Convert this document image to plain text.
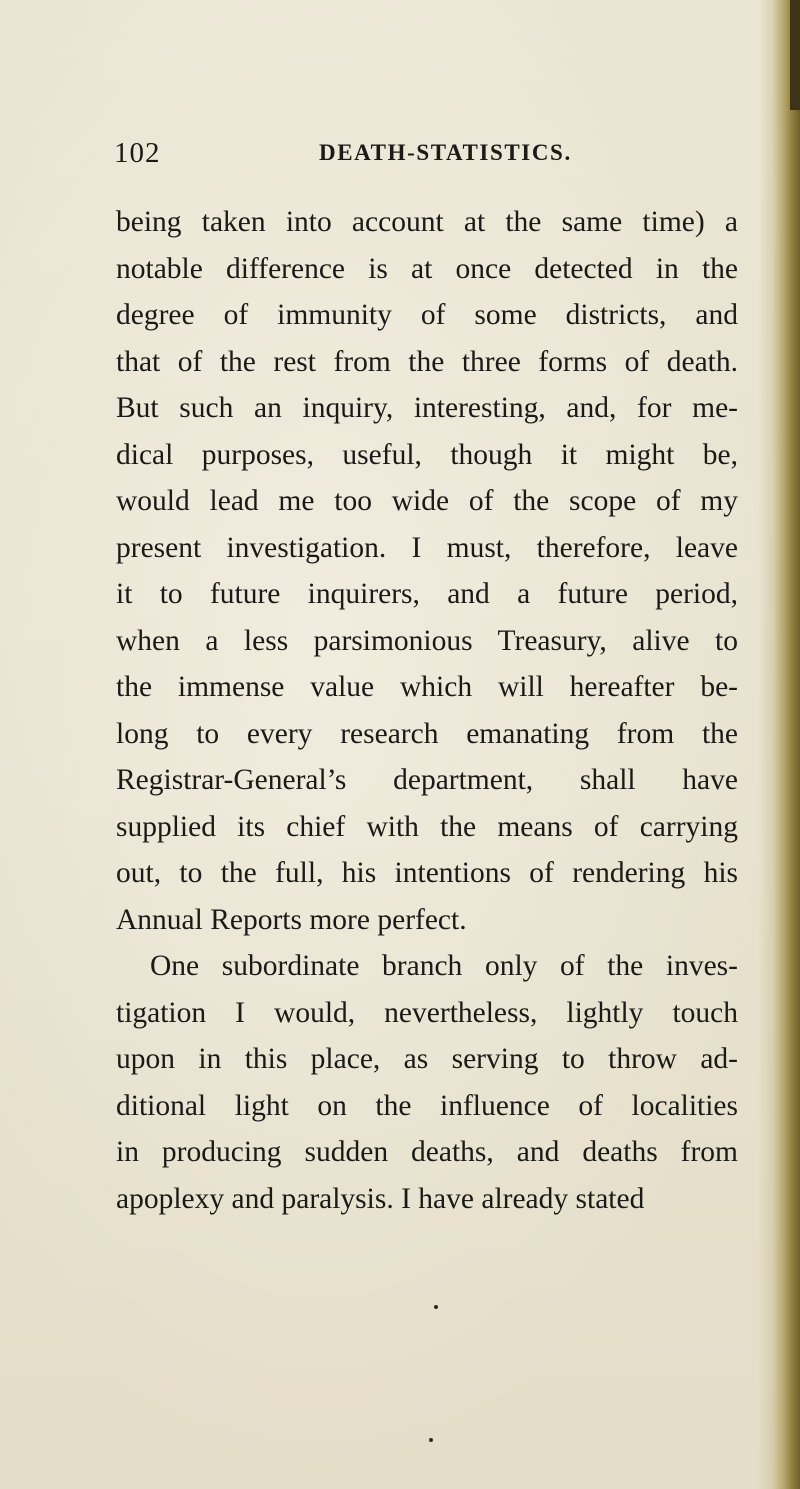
102	DEATH-STATISTICS.
being taken into account at the same time) a
notable difference is at once detected in the
degree of immunity of some districts, and
that of the rest from the three forms of death.
But such an inquiry, interesting, and, for me-
dical purposes, useful, though it might be,
would lead me too wide of the scope of my
present investigation. I must, therefore, leave
it to future inquirers, and a future period,
when a less parsimonious Treasury, alive to
the immense value which will hereafter be-
long to every research emanating from the
Registrar-General’s department, shall have
supplied its chief with the means of carrying
out, to the full, his intentions of rendering his
Annual Reports more perfect.
One subordinate branch only of the inves-
tigation I would, nevertheless, lightly touch
upon in this place, as serving to throw ad-
ditional light on the influence of localities
in producing sudden deaths, and deaths from
apoplexy and paralysis. I have already stated
